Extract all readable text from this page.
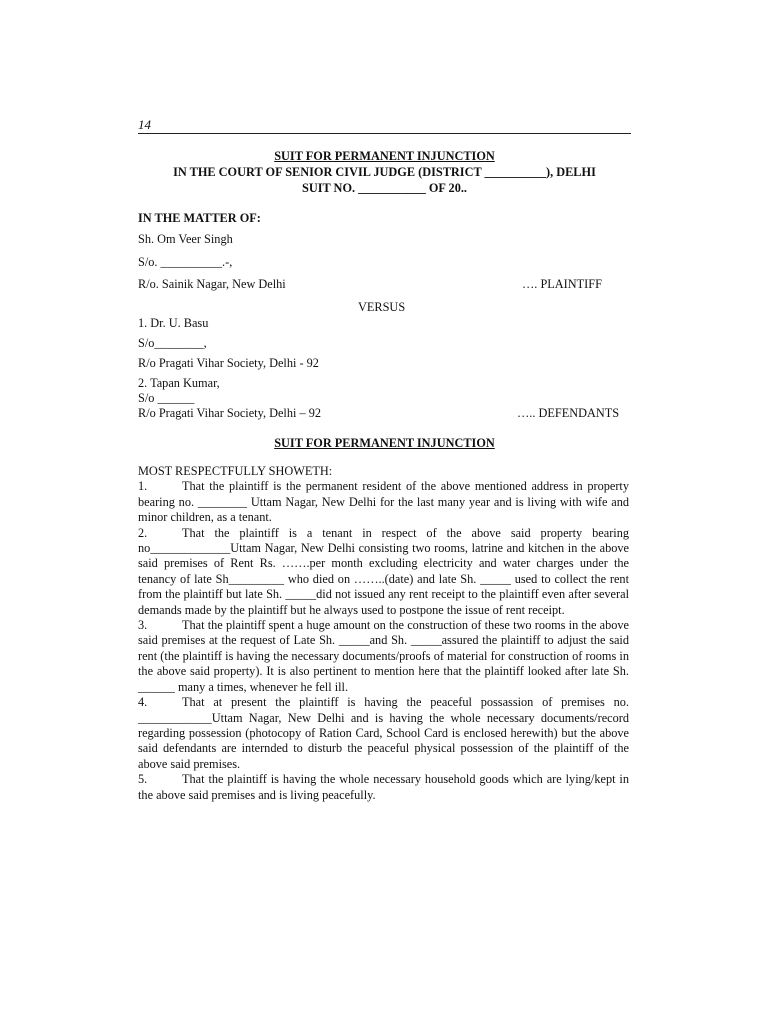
14
SUIT FOR PERMANENT INJUNCTION
IN THE COURT OF SENIOR CIVIL JUDGE (DISTRICT __________), DELHI
SUIT NO. ___________ OF 20..
IN THE MATTER OF:
Sh. Om Veer Singh
S/o. __________.-,
R/o. Sainik Nagar, New Delhi	…. PLAINTIFF
VERSUS
1. Dr. U. Basu
S/o________,
R/o Pragati Vihar Society, Delhi - 92
2. Tapan Kumar,
S/o ______
R/o Pragati Vihar Society, Delhi – 92	….. DEFENDANTS
SUIT FOR PERMANENT INJUNCTION
MOST RESPECTFULLY SHOWETH:

1.	That the plaintiff is the permanent resident of the above mentioned address in property bearing no. ________ Uttam Nagar, New Delhi for the last many year and is living with wife and minor children, as a tenant.

2.	That the plaintiff is a tenant in respect of the above said property bearing no_____________Uttam Nagar, New Delhi consisting two rooms, latrine and kitchen in the above said premises of Rent Rs. …….per month excluding electricity and water charges under the tenancy of late Sh_________ who died on ……..(date) and late Sh. _____ used to collect the rent from the plaintiff but late Sh. _____did not issued any rent receipt to the plaintiff even after several demands made by the plaintiff but he always used to postpone the issue of rent receipt.

3.	That the plaintiff spent a huge amount on the construction of these two rooms in the above said premises at the request of Late Sh. _____and Sh. _____assured the plaintiff to adjust the said rent (the plaintiff is having the necessary documents/proofs of material for construction of rooms in the above said property). It is also pertinent to mention here that the plaintiff looked after late Sh. ______ many a times, whenever he fell ill.

4.	That at present the plaintiff is having the peaceful possassion of premises no. ____________Uttam Nagar, New Delhi and is having the whole necessary documents/record regarding possession (photocopy of Ration Card, School Card is enclosed herewith) but the above said defendants are internded to disturb the peaceful physical possession of the plaintiff of the above said premises.

5.	That the plaintiff is having the whole necessary household goods which are lying/kept in the above said premises and is living peacefully.
